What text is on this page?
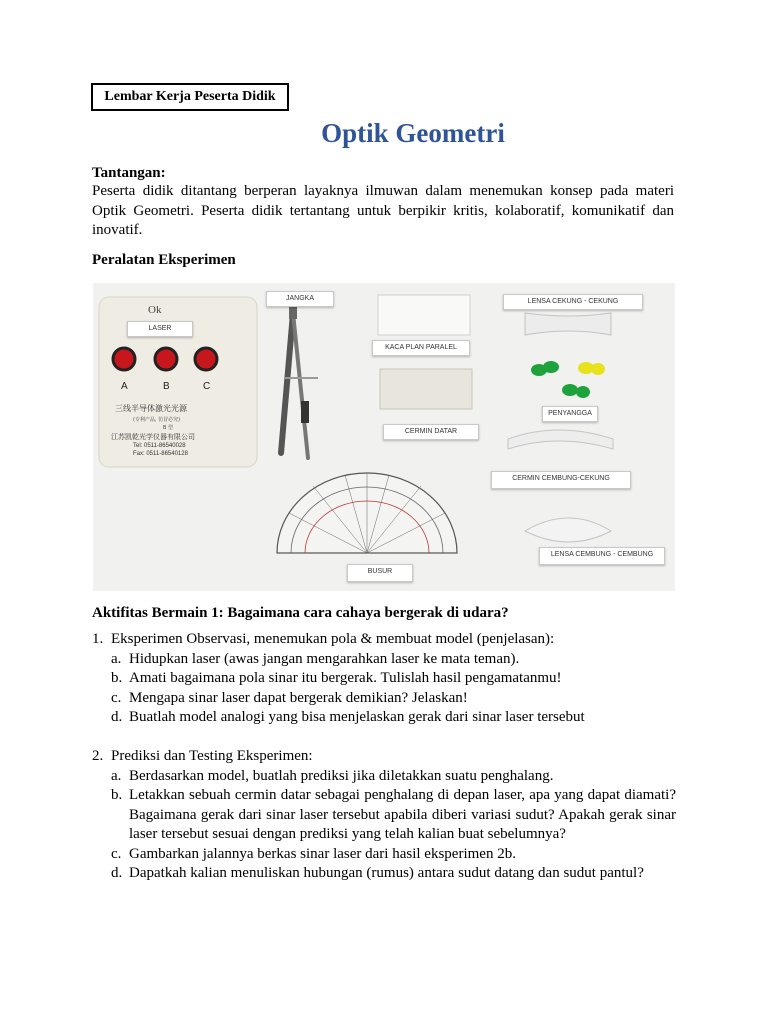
Lembar Kerja Peserta Didik
Optik Geometri
Tantangan:
Peserta didik ditantang berperan layaknya ilmuwan dalam menemukan konsep pada materi Optik Geometri. Peserta didik tertantang untuk berpikir kritis, kolaboratif, komunikatif dan inovatif.
Peralatan Eksperimen
Ok
A	B	C
三线半导体激光光源
(专利产品, 仿冒必究)
B 型
江苏凯乾光学仪器有限公司
Tel: 0511-86540028
Fax: 0511-86540128
LASER
JANGKA
KACA PLAN PARALEL
LENSA CEKUNG - CEKUNG
PENYANGGA
CERMIN DATAR
CERMIN CEMBUNG-CEKUNG
BUSUR
LENSA CEMBUNG - CEMBUNG
Aktifitas Bermain 1: Bagaimana cara cahaya bergerak di udara?
1. Eksperimen Observasi, menemukan pola & membuat model (penjelasan):
a. Hidupkan laser (awas jangan mengarahkan laser ke mata teman).
b. Amati bagaimana pola sinar itu bergerak. Tulislah hasil pengamatanmu!
c. Mengapa sinar laser dapat bergerak demikian? Jelaskan!
d. Buatlah model analogi yang bisa menjelaskan gerak dari sinar laser tersebut
2. Prediksi dan Testing Eksperimen:
a. Berdasarkan model, buatlah prediksi jika diletakkan suatu penghalang.
b. Letakkan sebuah cermin datar sebagai penghalang di depan laser, apa yang dapat diamati? Bagaimana gerak dari sinar laser tersebut apabila diberi variasi sudut? Apakah gerak sinar laser tersebut sesuai dengan prediksi yang telah kalian buat sebelumnya?
c. Gambarkan jalannya berkas sinar laser dari hasil eksperimen 2b.
d. Dapatkah kalian menuliskan hubungan (rumus) antara sudut datang dan sudut pantul?
